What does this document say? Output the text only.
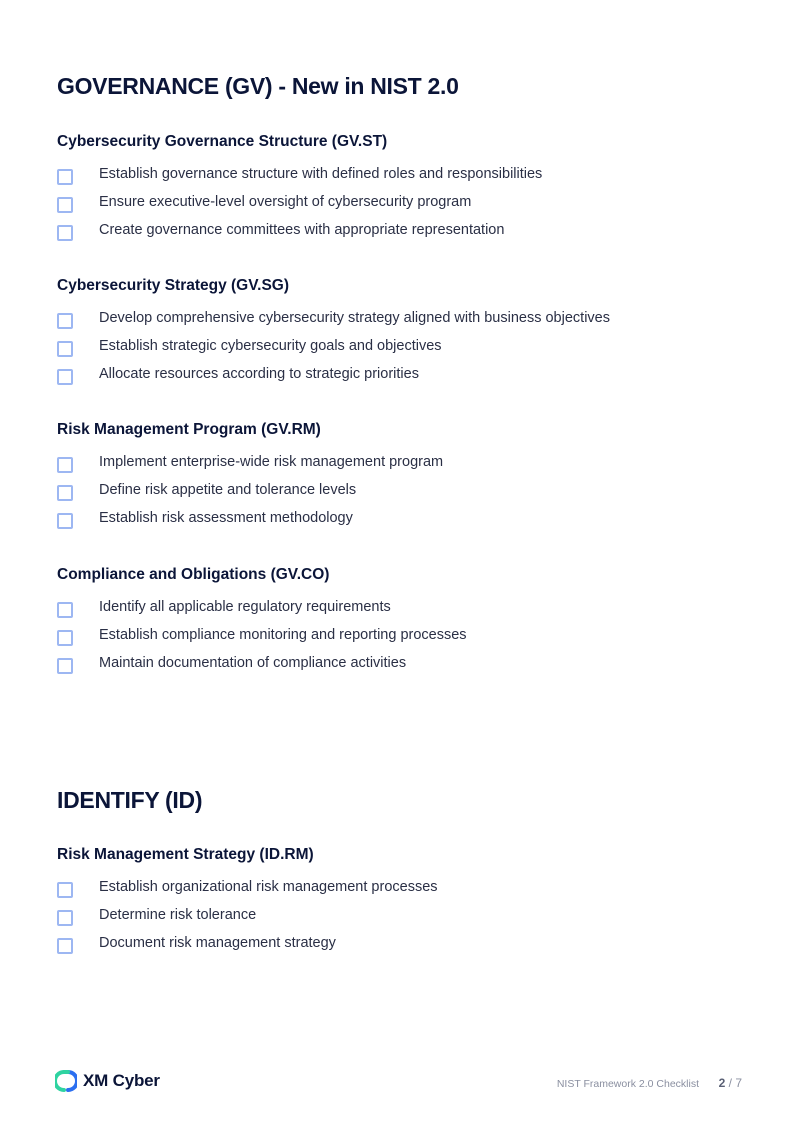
GOVERNANCE (GV) - New in NIST 2.0
Cybersecurity Governance Structure (GV.ST)
Establish governance structure with defined roles and responsibilities
Ensure executive-level oversight of cybersecurity program
Create governance committees with appropriate representation
Cybersecurity Strategy (GV.SG)
Develop comprehensive cybersecurity strategy aligned with business objectives
Establish strategic cybersecurity goals and objectives
Allocate resources according to strategic priorities
Risk Management Program (GV.RM)
Implement enterprise-wide risk management program
Define risk appetite and tolerance levels
Establish risk assessment methodology
Compliance and Obligations (GV.CO)
Identify all applicable regulatory requirements
Establish compliance monitoring and reporting processes
Maintain documentation of compliance activities
IDENTIFY (ID)
Risk Management Strategy (ID.RM)
Establish organizational risk management processes
Determine risk tolerance
Document risk management strategy
XM Cyber	NIST Framework 2.0 Checklist 2 / 7
